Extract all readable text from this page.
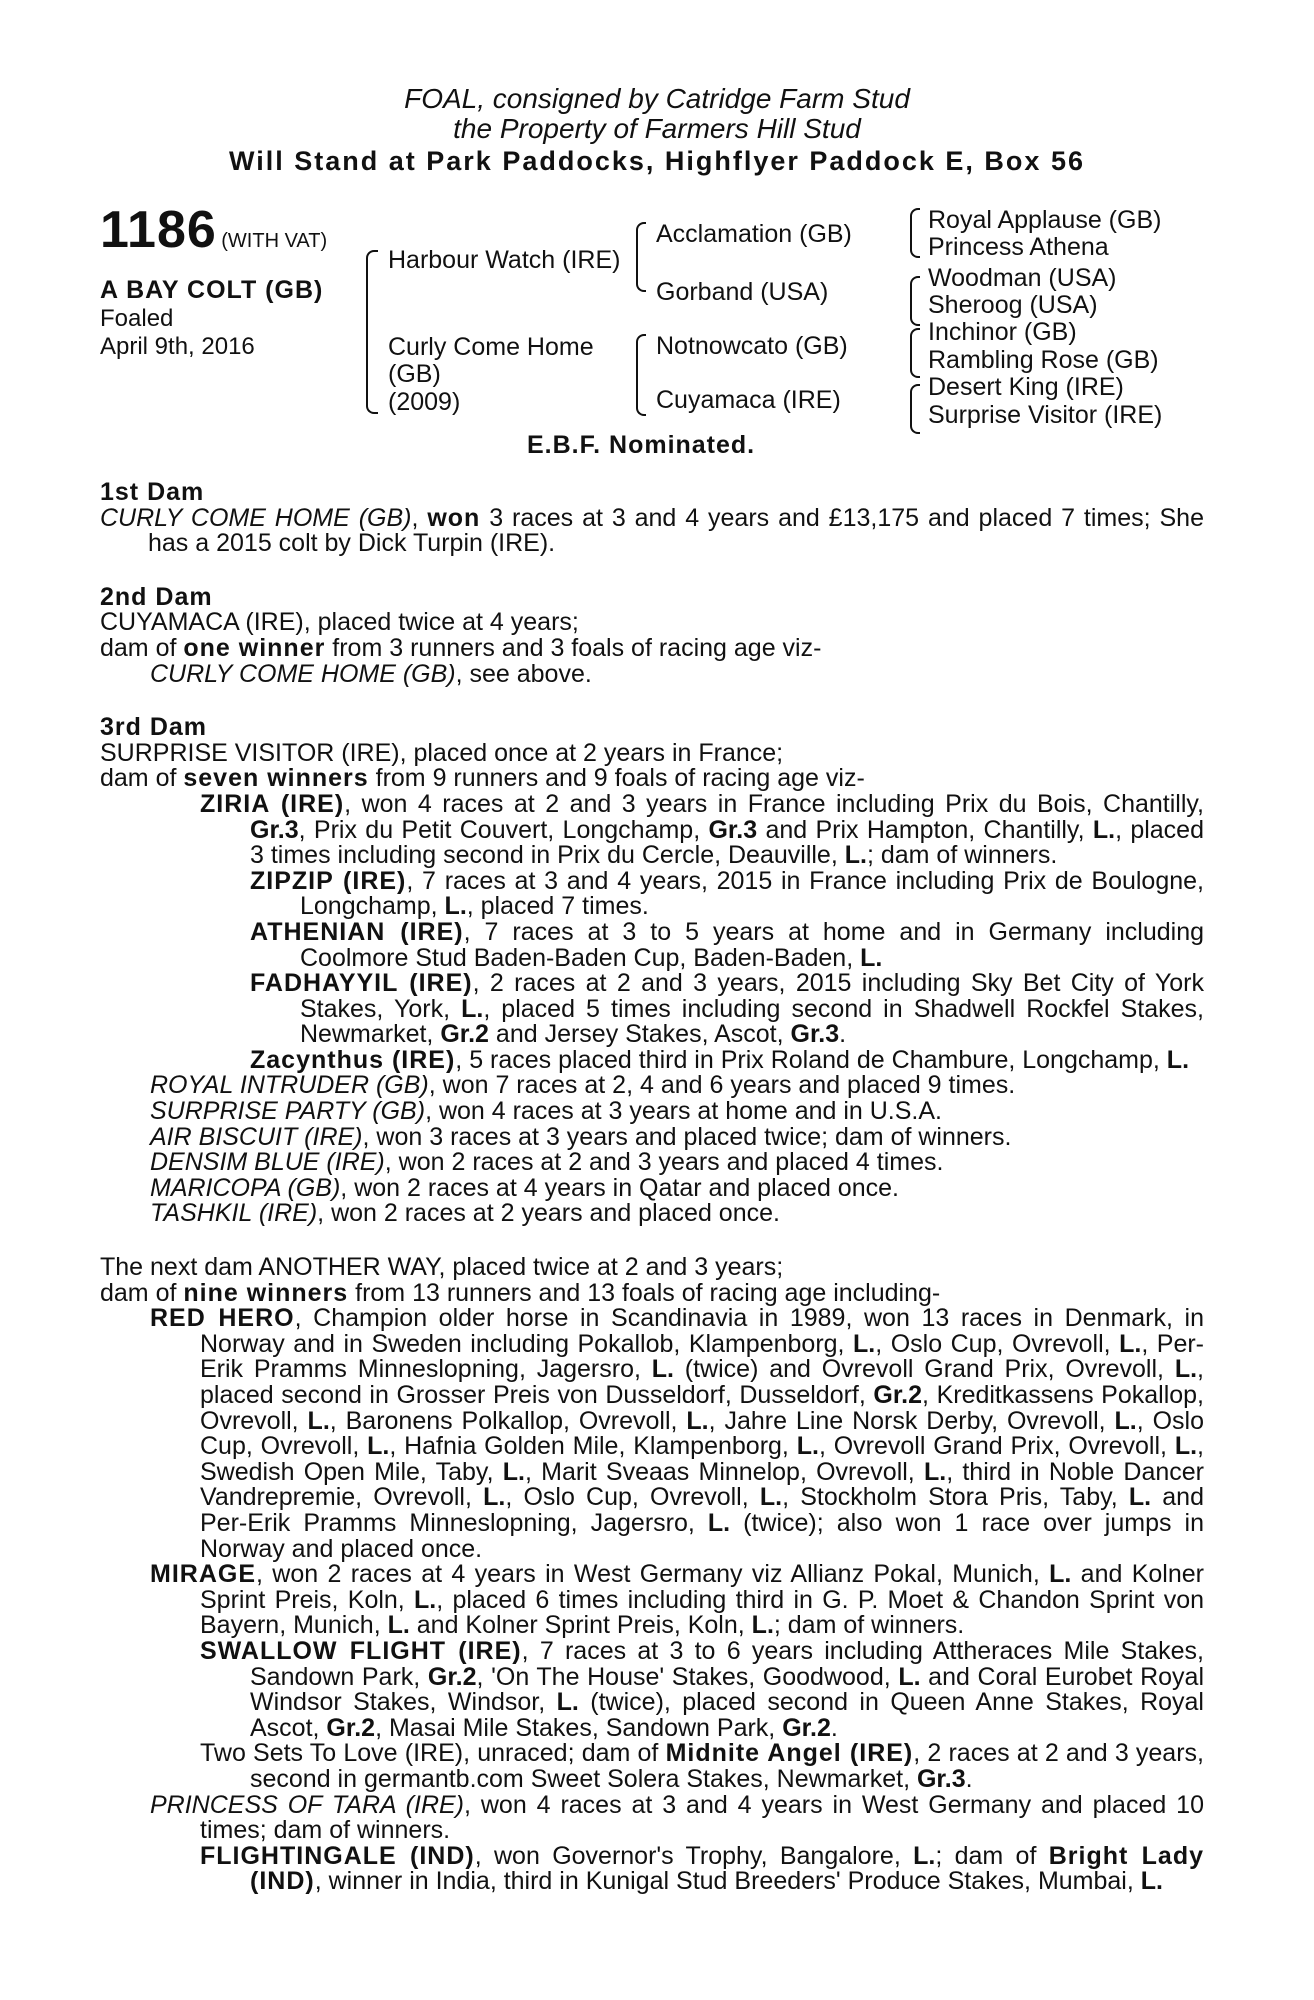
FOAL, consigned by Catridge Farm Stud
the Property of Farmers Hill Stud
Will Stand at Park Paddocks, Highflyer Paddock E, Box 56
1186 (WITH VAT)
A BAY COLT (GB)
Foaled
April 9th, 2016
Harbour Watch (IRE)
Curly Come Home
(GB)
(2009)
Acclamation (GB)
Gorband (USA)
Notnowcato (GB)
Cuyamaca (IRE)
Royal Applause (GB)
Princess Athena
Woodman (USA)
Sheroog (USA)
Inchinor (GB)
Rambling Rose (GB)
Desert King (IRE)
Surprise Visitor (IRE)
E.B.F. Nominated.
1st Dam

CURLY COME HOME (GB), won 3 races at 3 and 4 years and £13,175 and placed 7 times; She has a 2015 colt by Dick Turpin (IRE).

2nd Dam

CUYAMACA (IRE), placed twice at 4 years;

dam of one winner from 3 runners and 3 foals of racing age viz-

CURLY COME HOME (GB), see above.

3rd Dam

SURPRISE VISITOR (IRE), placed once at 2 years in France;

dam of seven winners from 9 runners and 9 foals of racing age viz-

ZIRIA (IRE), won 4 races at 2 and 3 years in France including Prix du Bois, Chantilly, Gr.3, Prix du Petit Couvert, Longchamp, Gr.3 and Prix Hampton, Chantilly, L., placed 3 times including second in Prix du Cercle, Deauville, L.; dam of winners.

ZIPZIP (IRE), 7 races at 3 and 4 years, 2015 in France including Prix de Boulogne, Longchamp, L., placed 7 times.

ATHENIAN (IRE), 7 races at 3 to 5 years at home and in Germany including Coolmore Stud Baden-Baden Cup, Baden-Baden, L.

FADHAYYIL (IRE), 2 races at 2 and 3 years, 2015 including Sky Bet City of York Stakes, York, L., placed 5 times including second in Shadwell Rockfel Stakes, Newmarket, Gr.2 and Jersey Stakes, Ascot, Gr.3.

Zacynthus (IRE), 5 races placed third in Prix Roland de Chambure, Longchamp, L.

ROYAL INTRUDER (GB), won 7 races at 2, 4 and 6 years and placed 9 times.

SURPRISE PARTY (GB), won 4 races at 3 years at home and in U.S.A.

AIR BISCUIT (IRE), won 3 races at 3 years and placed twice; dam of winners.

DENSIM BLUE (IRE), won 2 races at 2 and 3 years and placed 4 times.

MARICOPA (GB), won 2 races at 4 years in Qatar and placed once.

TASHKIL (IRE), won 2 races at 2 years and placed once.

The next dam ANOTHER WAY, placed twice at 2 and 3 years;

dam of nine winners from 13 runners and 13 foals of racing age including-

RED HERO, Champion older horse in Scandinavia in 1989, won 13 races in Denmark, in Norway and in Sweden including Pokallob, Klampenborg, L., Oslo Cup, Ovrevoll, L., Per-Erik Pramms Minneslopning, Jagersro, L. (twice) and Ovrevoll Grand Prix, Ovrevoll, L., placed second in Grosser Preis von Dusseldorf, Dusseldorf, Gr.2, Kreditkassens Pokallop, Ovrevoll, L., Baronens Polkallop, Ovrevoll, L., Jahre Line Norsk Derby, Ovrevoll, L., Oslo Cup, Ovrevoll, L., Hafnia Golden Mile, Klampenborg, L., Ovrevoll Grand Prix, Ovrevoll, L., Swedish Open Mile, Taby, L., Marit Sveaas Minnelop, Ovrevoll, L., third in Noble Dancer Vandrepremie, Ovrevoll, L., Oslo Cup, Ovrevoll, L., Stockholm Stora Pris, Taby, L. and Per-Erik Pramms Minneslopning, Jagersro, L. (twice); also won 1 race over jumps in Norway and placed once.

MIRAGE, won 2 races at 4 years in West Germany viz Allianz Pokal, Munich, L. and Kolner Sprint Preis, Koln, L., placed 6 times including third in G. P. Moet & Chandon Sprint von Bayern, Munich, L. and Kolner Sprint Preis, Koln, L.; dam of winners.

SWALLOW FLIGHT (IRE), 7 races at 3 to 6 years including Attheraces Mile Stakes, Sandown Park, Gr.2, 'On The House' Stakes, Goodwood, L. and Coral Eurobet Royal Windsor Stakes, Windsor, L. (twice), placed second in Queen Anne Stakes, Royal Ascot, Gr.2, Masai Mile Stakes, Sandown Park, Gr.2.

Two Sets To Love (IRE), unraced; dam of Midnite Angel (IRE), 2 races at 2 and 3 years, second in germantb.com Sweet Solera Stakes, Newmarket, Gr.3.

PRINCESS OF TARA (IRE), won 4 races at 3 and 4 years in West Germany and placed 10 times; dam of winners.

FLIGHTINGALE (IND), won Governor's Trophy, Bangalore, L.; dam of Bright Lady (IND), winner in India, third in Kunigal Stud Breeders' Produce Stakes, Mumbai, L.
